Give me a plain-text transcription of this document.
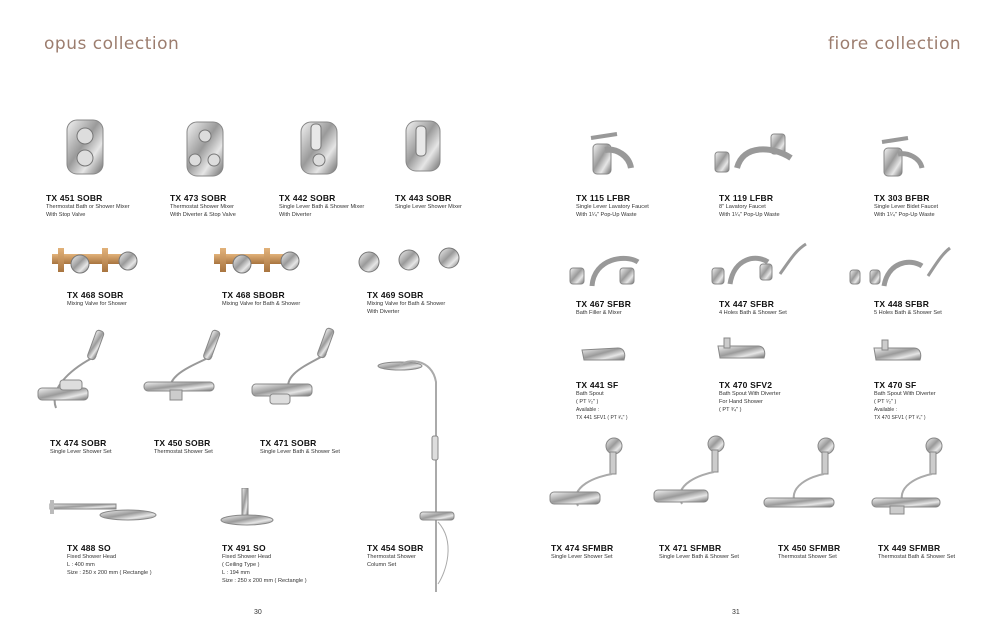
opus collection	fiore collection
TX 451 SOBR
Thermostat Bath or Shower Mixer
With Stop Valve
TX 473 SOBR
Thermostat Shower Mixer
With Diverter & Stop Valve
TX 442 SOBR
Single Lever Bath & Shower Mixer
With Diverter
TX 443 SOBR
Single Lever Shower Mixer
TX 468 SOBR
Mixing Valve for Shower
TX 468 SBOBR
Mixing Valve for Bath & Shower
TX 469 SOBR
Mixing Valve for Bath & Shower
With Diverter
TX 474 SOBR
Single Lever Shower Set
TX 450 SOBR
Thermostat Shower Set
TX 471 SOBR
Single Lever Bath & Shower Set
TX 488 SO
Fixed Shower Head
L : 400 mm
Size : 250 x 200 mm ( Rectangle )
TX 491 SO
Fixed Shower Head
( Ceiling Type )
L : 194 mm
Size : 250 x 200 mm ( Rectangle )
TX 454 SOBR
Thermostat Shower
Column Set
TX 115 LFBR
Single Lever Lavatory Faucet
With 1¹⁄₄" Pop-Up Waste
TX 119 LFBR
8" Lavatory Faucet
With 1¹⁄₄" Pop-Up Waste
TX 303 BFBR
Single Lever Bidet Faucet
With 1¹⁄₄" Pop-Up Waste
TX 467 SFBR
Bath Filler & Mixer
TX 447 SFBR
4 Holes Bath & Shower Set
TX 448 SFBR
5 Holes Bath & Shower Set
TX 441 SF
Bath Spout
( PT ¹⁄₂" )
Available :
TX 441 SFV1 ( PT ³⁄₄" )
TX 470 SFV2
Bath Spout With Diverter
For Hand Shower
( PT ³⁄₄" )
TX 470 SF
Bath Spout With Diverter
( PT ¹⁄₂" )
Available :
TX 470 SFV1 ( PT ³⁄₄" )
TX 474 SFMBR
Single Lever Shower Set
TX 471 SFMBR
Single Lever Bath & Shower Set
TX 450 SFMBR
Thermostat Shower Set
TX 449 SFMBR
Thermostat Bath & Shower Set
30	31
